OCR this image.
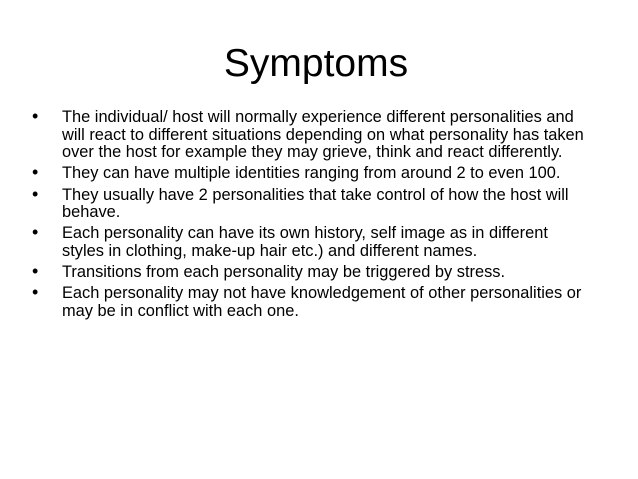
Symptoms
• The individual/ host will normally experience different personalities and will react to different situations depending on what personality has taken over the host for example they may grieve, think and react differently.
• They can have multiple identities ranging from around 2 to even 100.
• They usually have 2 personalities that take control of how the host will behave.
• Each personality can have its own history, self image as in different styles in clothing, make-up hair etc.) and different names.
• Transitions from each personality may be triggered by stress.
• Each personality may not have knowledgement of other personalities or may be in conflict with each one.
